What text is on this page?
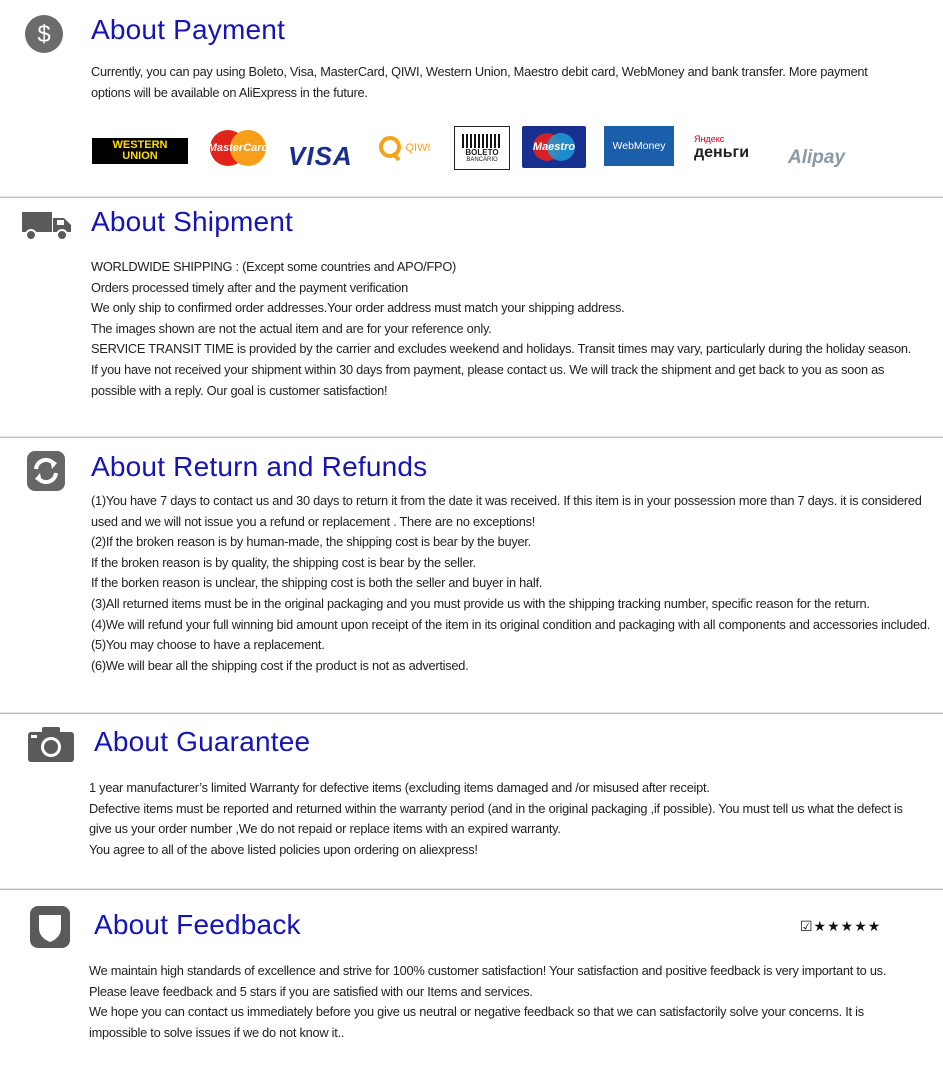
$ About Payment

Currently, you can pay using Boleto, Visa, MasterCard, QIWI, Western Union, Maestro debit card, WebMoney and bank transfer. More payment options will be available on AliExpress in the future.

WESTERN
UNION
MasterCard VISA	QIWI	BOLETO
BANCÁRIO
Maestro	WebMoney
Яндекс
деньги Alipay
About Shipment

WORLDWIDE SHIPPING : (Except some countries and APO/FPO)

Orders processed timely after and the payment verification

We only ship to confirmed order addresses.Your order address must match your shipping address.

The images shown are not the actual item and are for your reference only.

SERVICE TRANSIT TIME is provided by the carrier and excludes weekend and holidays. Transit times may vary, particularly during the holiday season.

If you have not received your shipment within 30 days from payment, please contact us. We will track the shipment and get back to you as soon as possible with a reply. Our goal is customer satisfaction!

About Return and Refunds

(1)You have 7 days to contact us and 30 days to return it from the date it was received. If this item is in your possession more than 7 days. it is considered used and we will not issue you a refund or replacement . There are no exceptions!

(2)If the broken reason is by human-made, the shipping cost is bear by the buyer.

If the broken reason is by quality, the shipping cost is bear by the seller.

If the borken reason is unclear, the shipping cost is both the seller and buyer in half.

(3)All returned items must be in the original packaging and you must provide us with the shipping tracking number, specific reason for the return.

(4)We will refund your full winning bid amount upon receipt of the item in its original condition and packaging with all components and accessories included.

(5)You may choose to have a replacement.

(6)We will bear all the shipping cost if the product is not as advertised.

About Guarantee

1 year manufacturer’s limited Warranty for defective items (excluding items damaged and /or misused after receipt.

Defective items must be reported and returned within the warranty period (and in the original packaging ,if possible). You must tell us what the defect is give us your order number ,We do not repaid or replace items with an expired warranty.

You agree to all of the above listed policies upon ordering on aliexpress!

About Feedback	☑★★★★★

We maintain high standards of excellence and strive for 100% customer satisfaction! Your satisfaction and positive feedback is very important to us. Please leave feedback and 5 stars if you are satisfied with our Items and services.

We hope you can contact us immediately before you give us neutral or negative feedback so that we can satisfactorily solve your concerns. It is impossible to solve issues if we do not know it..
